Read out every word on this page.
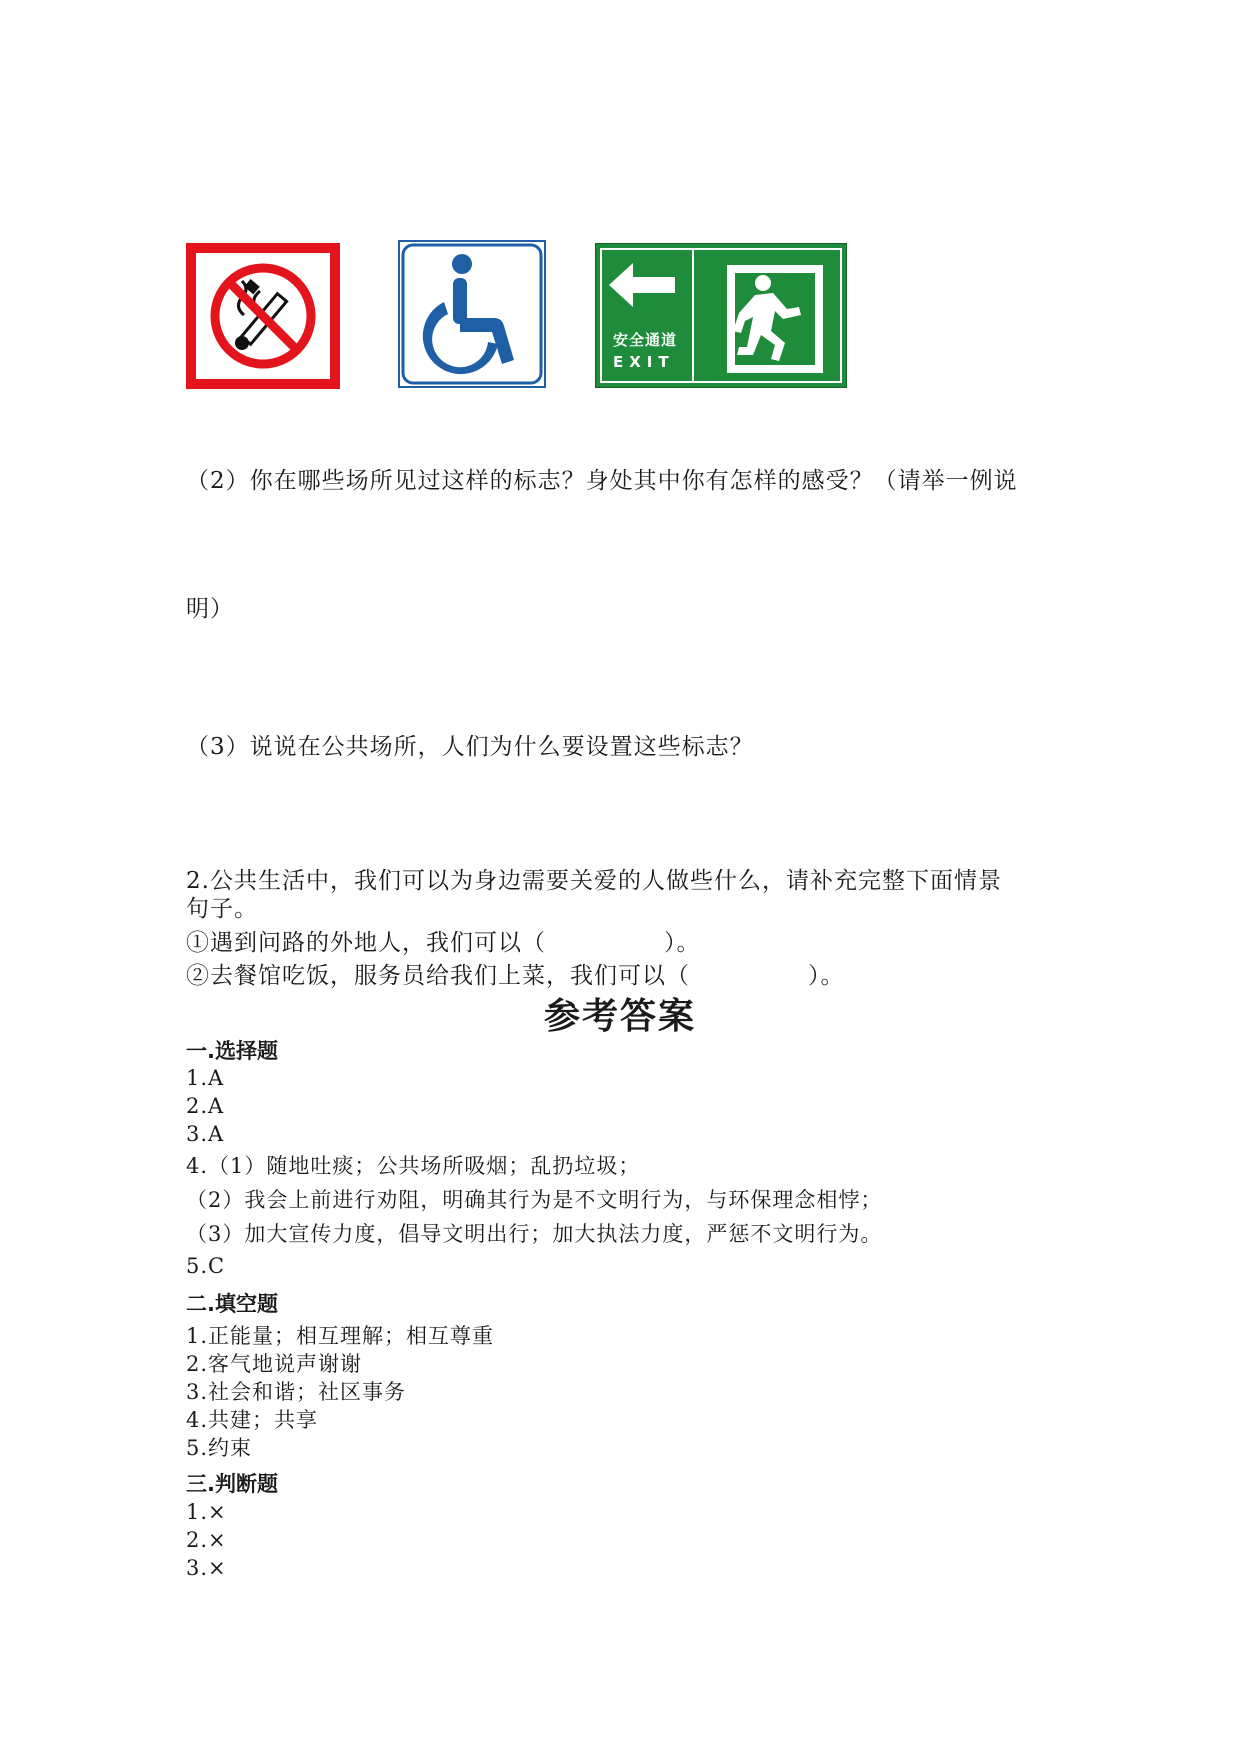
安全通道
EXIT
（2）你在哪些场所见过这样的标志？身处其中你有怎样的感受？（请举一例说
明）
（3）说说在公共场所，人们为什么要设置这些标志？
2.公共生活中，我们可以为身边需要关爱的人做些什么，请补充完整下面情景
句子。
①遇到问路的外地人，我们可以（	）。
②去餐馆吃饭，服务员给我们上菜，我们可以（	）。
参考答案
一.选择题
1.A
2.A
3.A
4.（1）随地吐痰；公共场所吸烟；乱扔垃圾；
（2）我会上前进行劝阻，明确其行为是不文明行为，与环保理念相悖；
（3）加大宣传力度，倡导文明出行；加大执法力度，严惩不文明行为。
5.C
二.填空题
1.正能量；相互理解；相互尊重
2.客气地说声谢谢
3.社会和谐；社区事务
4.共建；共享
5.约束
三.判断题
1.×
2.×
3.×
